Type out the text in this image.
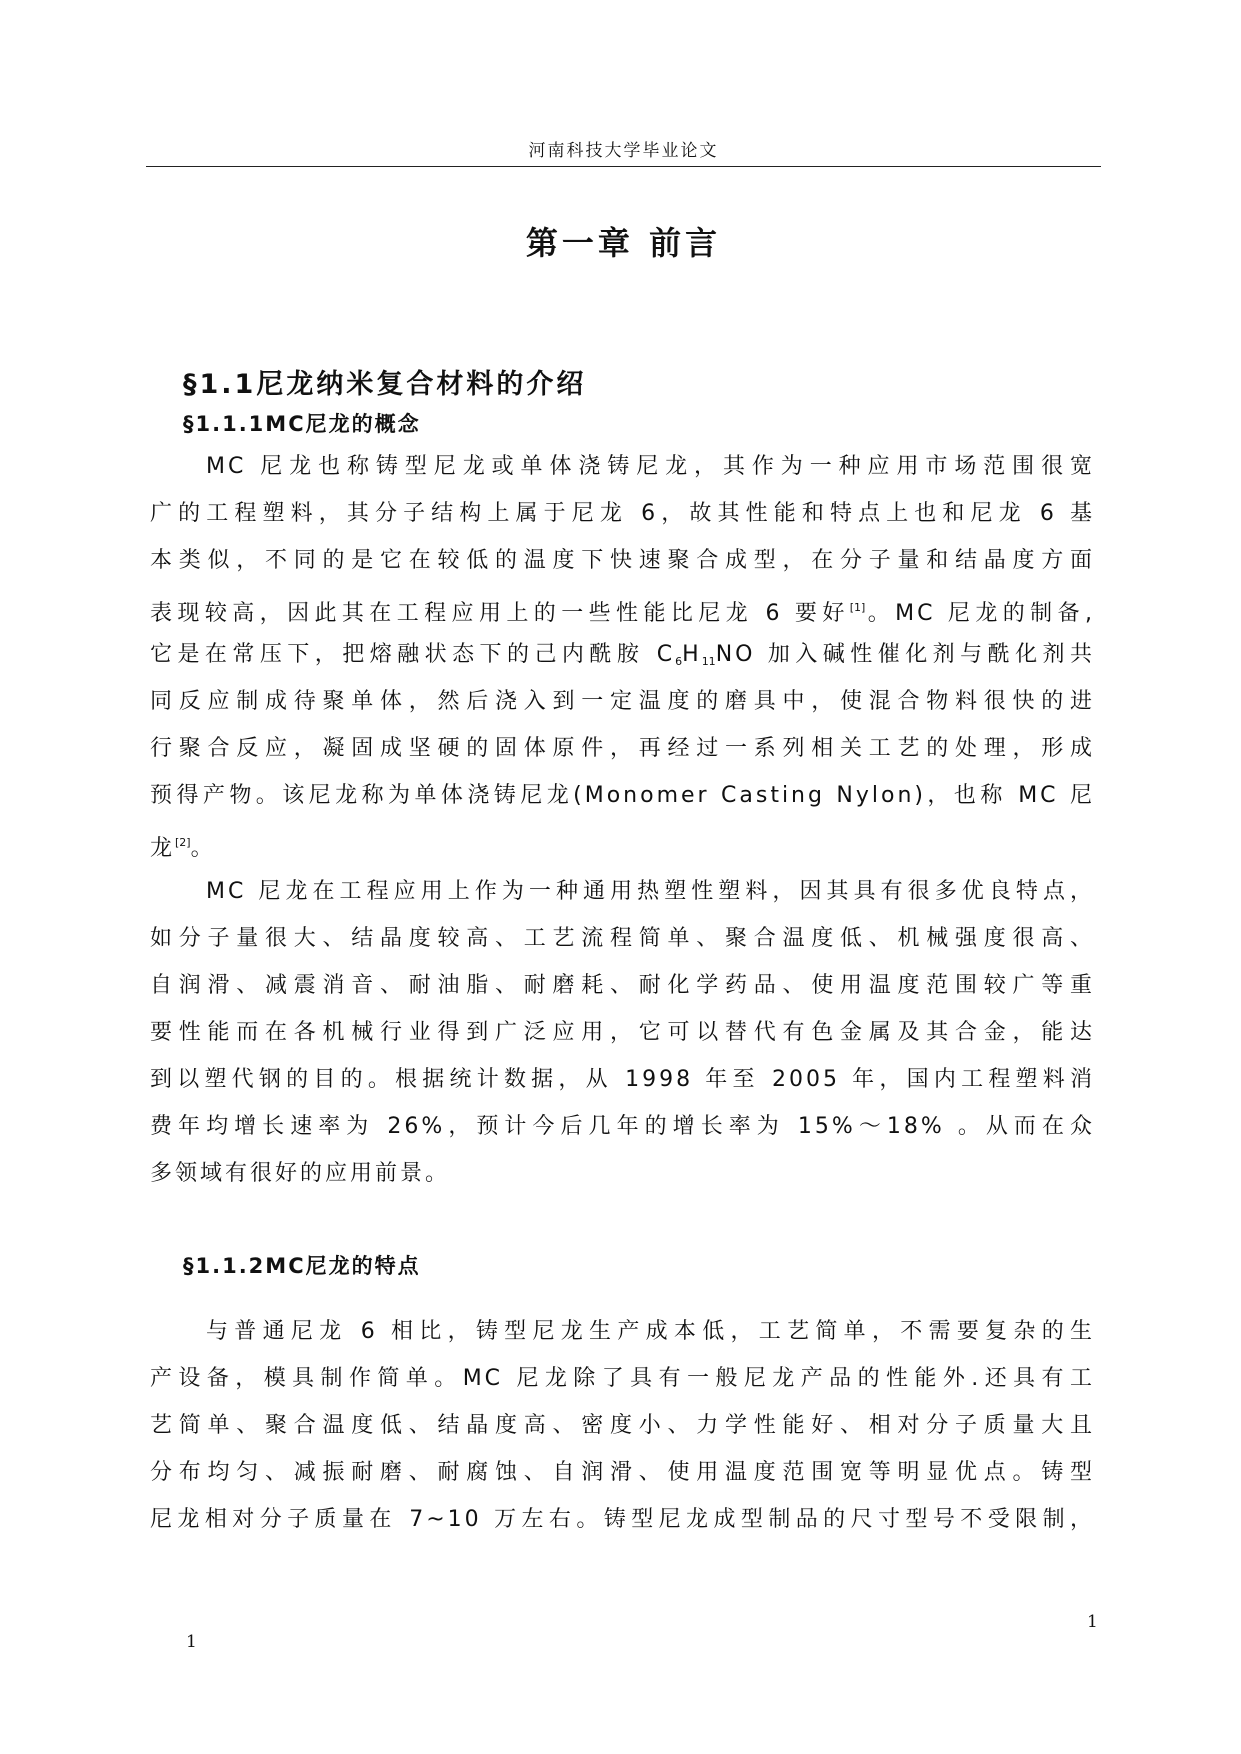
河南科技大学毕业论文
第一章 前言
§1.1尼龙纳米复合材料的介绍
§1.1.1MC尼龙的概念
MC 尼龙也称铸型尼龙或单体浇铸尼龙，其作为一种应用市场范围很宽
广的工程塑料，其分子结构上属于尼龙 6，故其性能和特点上也和尼龙 6 基
本类似，不同的是它在较低的温度下快速聚合成型，在分子量和结晶度方面
表现较高，因此其在工程应用上的一些性能比尼龙 6 要好[1]。MC 尼龙的制备,
它是在常压下，把熔融状态下的己内酰胺 $C_6H_{11}NO$ 加入碱性催化剂与酰化剂共
同反应制成待聚单体，然后浇入到一定温度的磨具中，使混合物料很快的进
行聚合反应，凝固成坚硬的固体原件，再经过一系列相关工艺的处理，形成
预得产物。该尼龙称为单体浇铸尼龙(Monomer Casting Nylon)，也称 MC 尼
龙[2]。
MC 尼龙在工程应用上作为一种通用热塑性塑料，因其具有很多优良特点，
如分子量很大、结晶度较高、工艺流程简单、聚合温度低、机械强度很高、
自润滑、减震消音、耐油脂、耐磨耗、耐化学药品、使用温度范围较广等重
要性能而在各机械行业得到广泛应用，它可以替代有色金属及其合金，能达
到以塑代钢的目的。根据统计数据，从 1998 年至 2005 年，国内工程塑料消
费年均增长速率为 26%，预计今后几年的增长率为 15%～18% 。从而在众
多领域有很好的应用前景。
§1.1.2MC尼龙的特点
与普通尼龙 6 相比，铸型尼龙生产成本低，工艺简单，不需要复杂的生
产设备，模具制作简单。MC 尼龙除了具有一般尼龙产品的性能外.还具有工
艺简单、聚合温度低、结晶度高、密度小、力学性能好、相对分子质量大且
分布均匀、减振耐磨、耐腐蚀、自润滑、使用温度范围宽等明显优点。铸型
尼龙相对分子质量在 7~10 万左右。铸型尼龙成型制品的尺寸型号不受限制，
1
1
